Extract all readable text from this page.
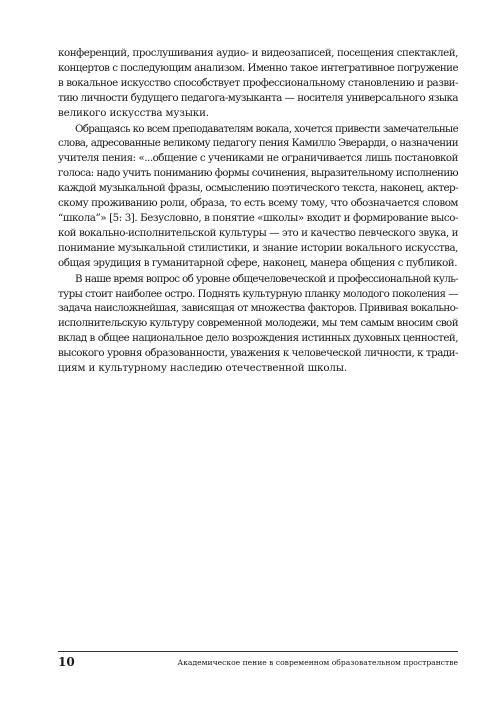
конференций, прослушивания аудио- и видеозаписей, посещения спектаклей,
концертов с последующим анализом. Именно такое интегративное погружение
в вокальное искусство способствует профессиональному становлению и разви-
тию личности будущего педагога-музыканта — носителя универсального языка
великого искусства музыки.

Обращаясь ко всем преподавателям вокала, хочется привести замечательные
слова, адресованные великому педагогу пения Камилло Эверарди, о назначении
учителя пения: «...общение с учениками не ограничивается лишь постановкой
голоса: надо учить пониманию формы сочинения, выразительному исполнению
каждой музыкальной фразы, осмыслению поэтического текста, наконец, актер-
скому проживанию роли, образа, то есть всему тому, что обозначается словом
“школа”» [5: 3]. Безусловно, в понятие «школы» входит и формирование высо-
кой вокально-исполнительской культуры — это и качество певческого звука, и
понимание музыкальной стилистики, и знание истории вокального искусства,
общая эрудиция в гуманитарной сфере, наконец, манера общения с публикой.

В наше время вопрос об уровне общечеловеческой и профессиональной куль-
туры стоит наиболее остро. Поднять культурную планку молодого поколения —
задача наисложнейшая, зависящая от множества факторов. Прививая вокально-
исполнительскую культуру современной молодежи, мы тем самым вносим свой
вклад в общее национальное дело возрождения истинных духовных ценностей,
высокого уровня образованности, уважения к человеческой личности, к тради-
циям и культурному наследию отечественной школы.

10	Академическое пение в современном образовательном пространстве
